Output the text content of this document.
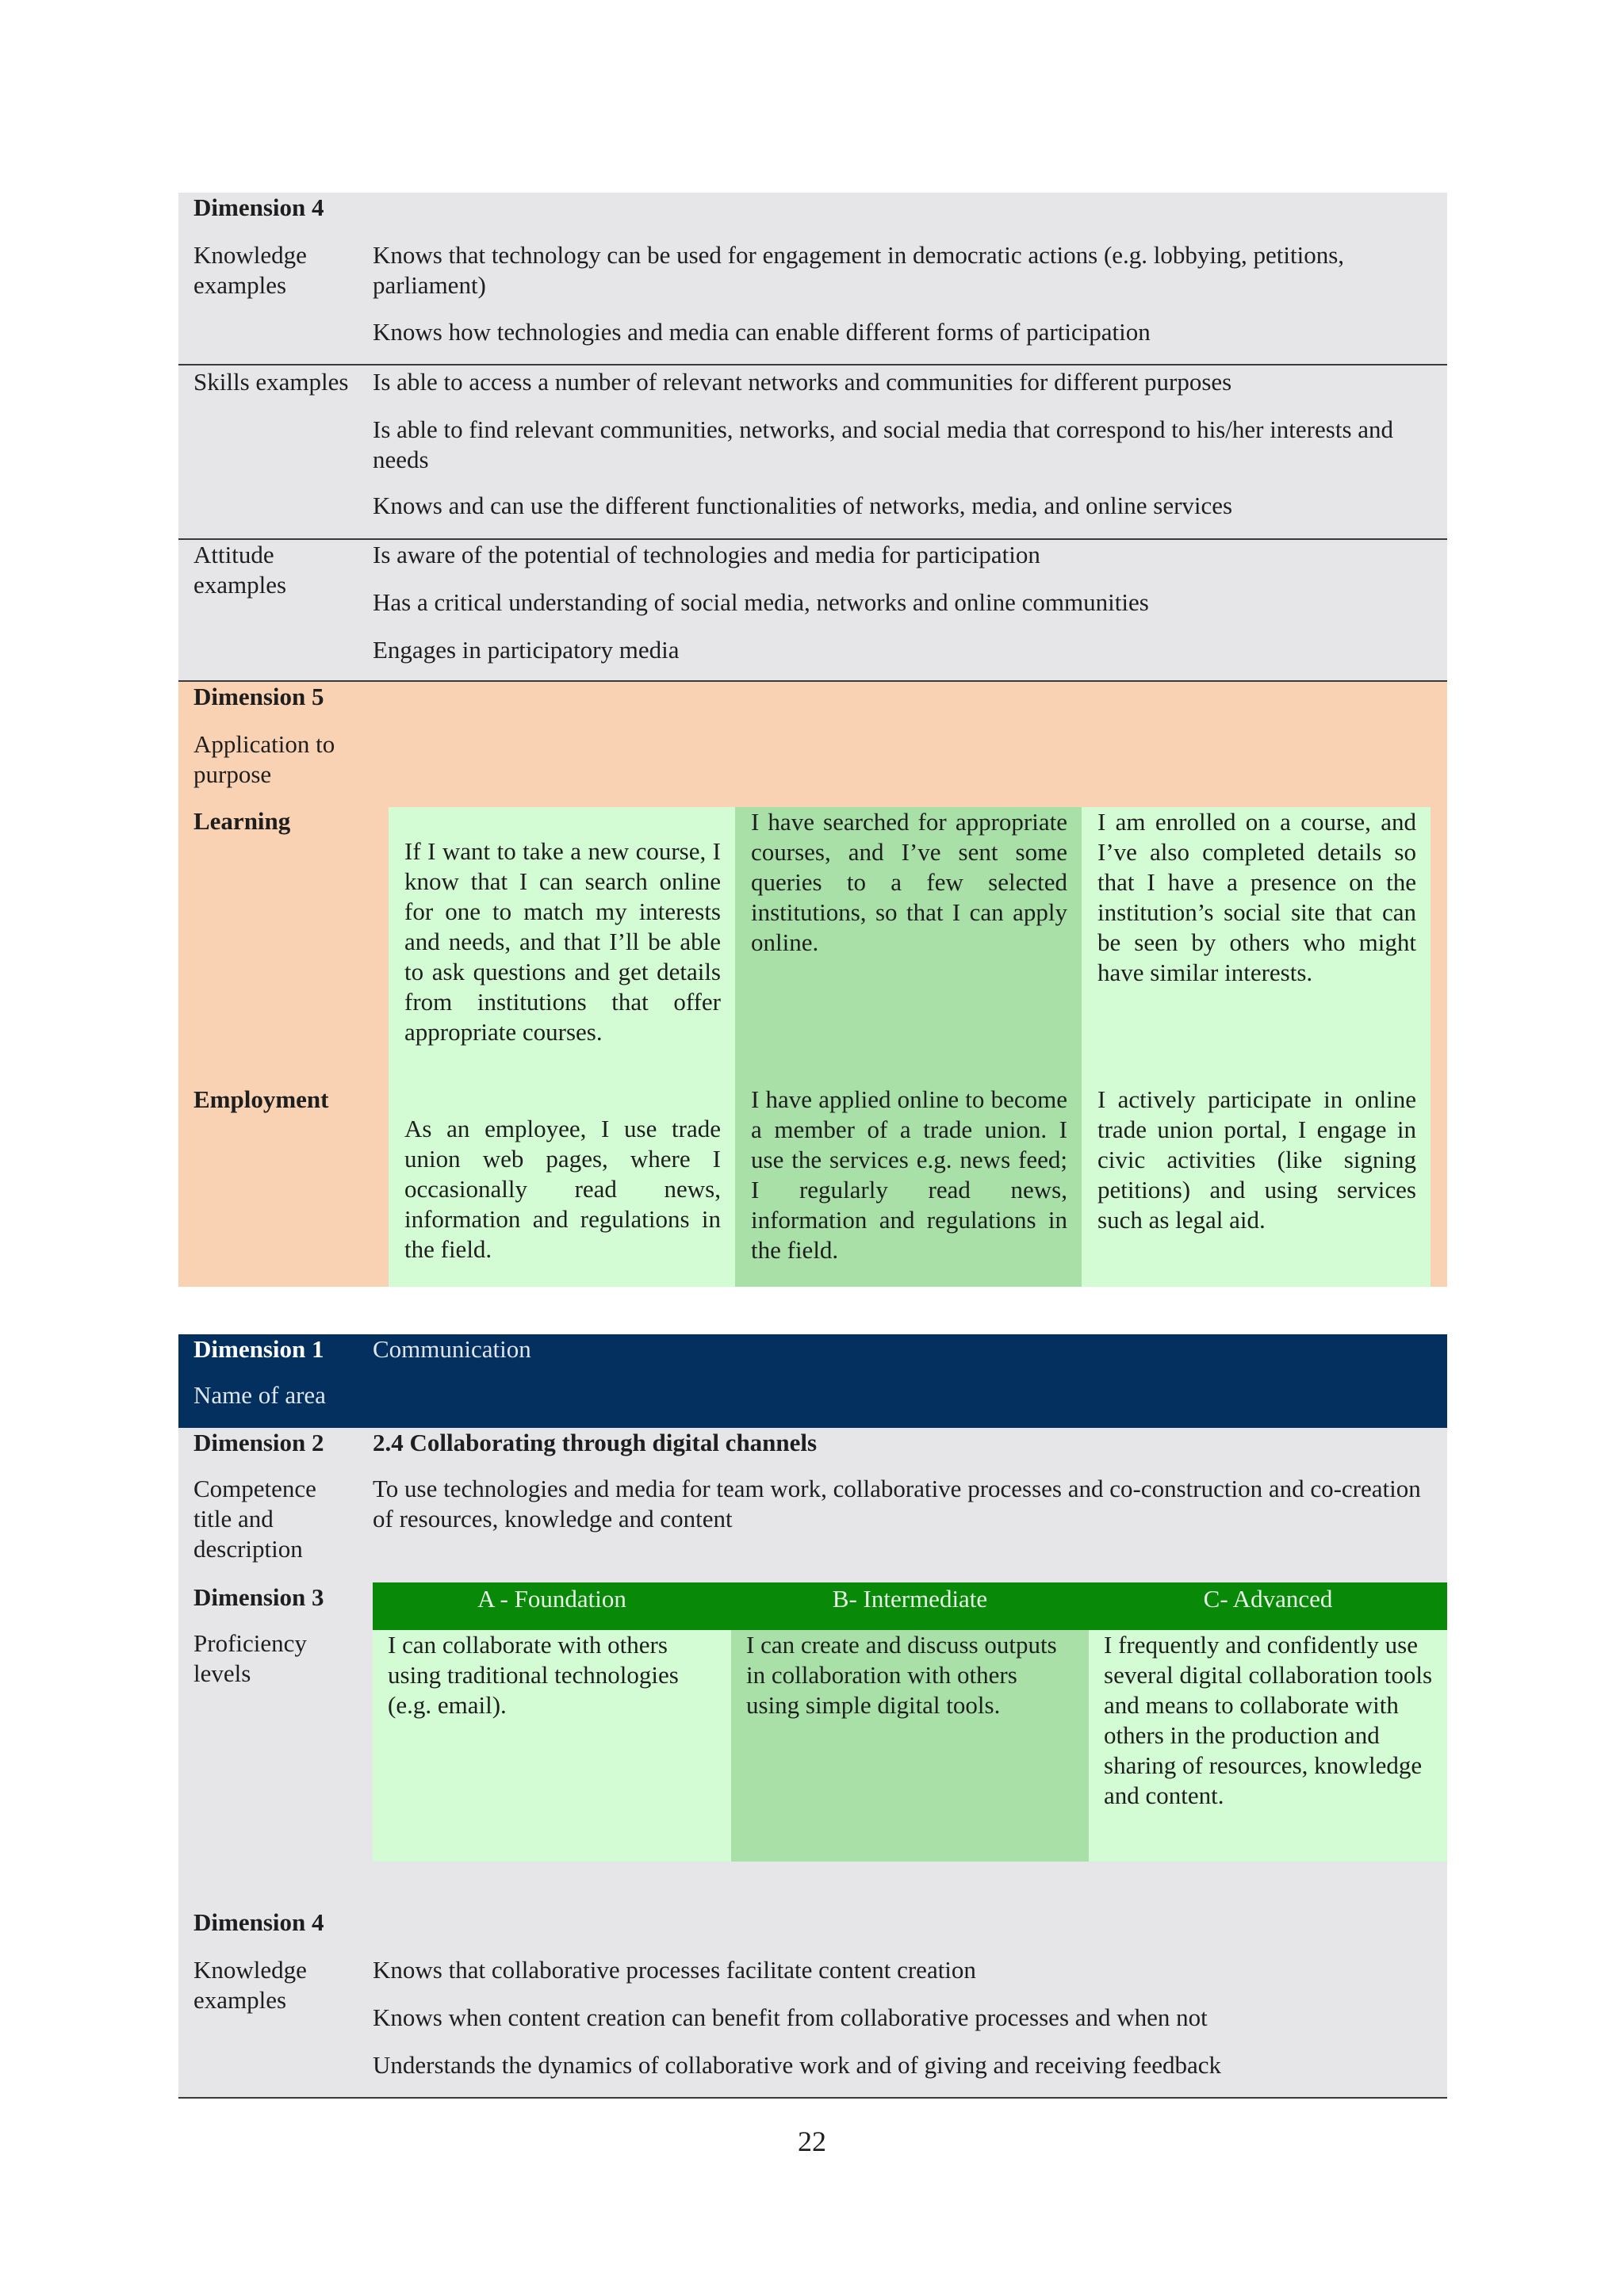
Dimension 4
Knowledge examples
Knows that technology can be used for engagement in democratic actions (e.g. lobbying, petitions, parliament)
Knows how technologies and media can enable different forms of participation
Skills examples Is able to access a number of relevant networks and communities for different purposes
Is able to find relevant communities, networks, and social media that correspond to his/her interests and needs
Knows and can use the different functionalities of networks, media, and online services
Attitude examples
Is aware of the potential of technologies and media for participation
Has a critical understanding of social media, networks and online communities
Engages in participatory media
Dimension 5
Application to purpose
Learning
Employment
If I want to take a new course, I know that I can search online for one to match my interests and needs, and that I’ll be able to ask questions and get details from institutions that offer appropriate courses.
I have searched for appropriate courses, and I’ve sent some queries to a few selected institutions, so that I can apply online.
I am enrolled on a course, and I’ve also completed details so that I have a presence on the institution’s social site that can be seen by others who might have similar interests.
As an employee, I use trade union web pages, where I occasionally read news, information and regulations in the field.
I have applied online to become a member of a trade union. I use the services e.g. news feed; I regularly read news, information and regulations in the field.
I actively participate in online trade union portal, I engage in civic activities (like signing petitions) and using services such as legal aid.
Dimension 1
Name of area
Communication
Dimension 2
Competence title and description
2.4 Collaborating through digital channels
To use technologies and media for team work, collaborative processes and co-construction and co-creation of resources, knowledge and content
Dimension 3
Proficiency levels
A - Foundation	B- Intermediate	C- Advanced
I can collaborate with others using traditional technologies (e.g. email).
I can create and discuss outputs in collaboration with others using simple digital tools.
I frequently and confidently use several digital collaboration tools and means to collaborate with others in the production and sharing of resources, knowledge and content.
Dimension 4
Knowledge examples
Knows that collaborative processes facilitate content creation
Knows when content creation can benefit from collaborative processes and when not
Understands the dynamics of collaborative work and of giving and receiving feedback
22
